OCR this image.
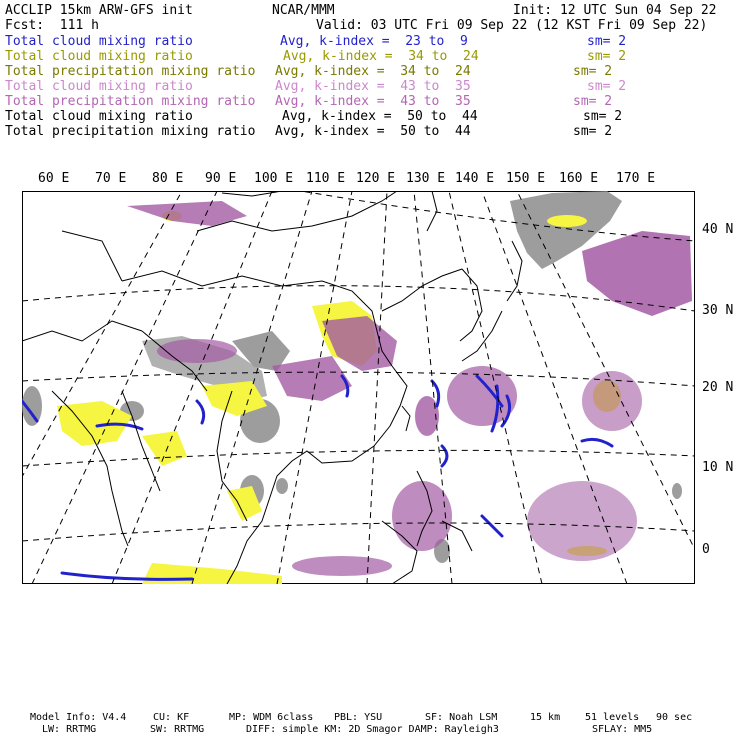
ACCLIP 15km ARW-GFS init	NCAR/MMM	Init: 12 UTC Sun 04 Sep 22
Fcst:  111 h	Valid: 03 UTC Fri 09 Sep 22 (12 KST Fri 09 Sep 22)
Total cloud mixing ratio	Avg, k-index =  23 to  9	sm= 2
Total cloud mixing ratio	Avg, k-index =  34 to  24	sm= 2
Total precipitation mixing ratio Avg, k-index =  34 to  24	sm= 2
Total cloud mixing ratio	Avg, k-index =  43 to  35	sm= 2
Total precipitation mixing ratio Avg, k-index =  43 to  35	sm= 2
Total cloud mixing ratio	Avg, k-index =  50 to  44	sm= 2
Total precipitation mixing ratio Avg, k-index =  50 to  44	sm= 2
60 E 70 E 80 E 90 E 100 E 110 E 120 E 130 E 140 E 150 E 160 E 170 E
40 N
30 N
20 N
10 N
0
Model Info: V4.4	CU: KF	MP: WDM 6class PBL: YSU	SF: Noah LSM	15 km 51 levels 90 sec
LW: RRTMG	SW: RRTMG	DIFF: simple KM: 2D Smagor DAMP: Rayleigh3	SFLAY: MM5
